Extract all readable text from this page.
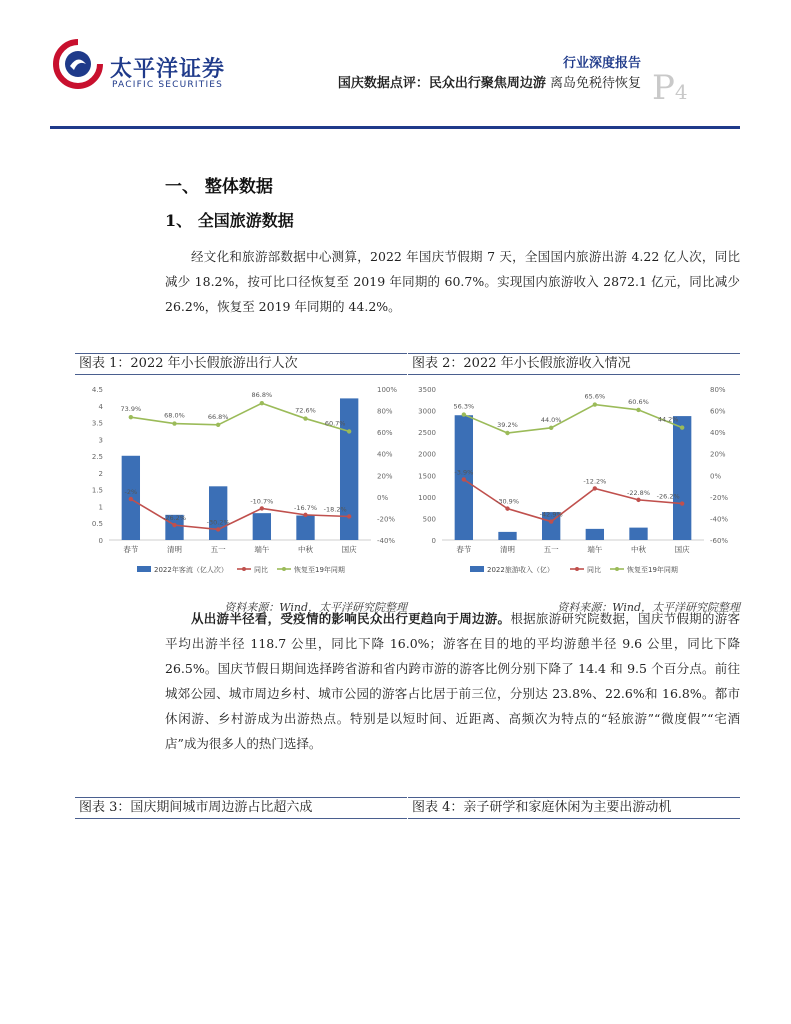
太平洋证券
PACIFIC SECURITIES
行业深度报告
国庆数据点评：民众出行聚焦周边游 离岛免税待恢复 P4
一、 整体数据
1、 全国旅游数据
经文化和旅游部数据中心测算，2022 年国庆节假期 7 天，全国国内旅游出游 4.22 亿人次，同比减少 18.2%，按可比口径恢复至 2019 年同期的 60.7%。实现国内旅游收入 2872.1 亿元，同比减少 26.2%，恢复至 2019 年同期的 44.2%。
图表 1：2022 年小长假旅游出行人次
0
0.5
1
1.5
2
2.5
3
3.5
4
4.5
-40%
-20%
0%
20%
40%
60%
80%
100%
春节	清明	五一	端午	中秋	国庆
-2%
-26.2%
-30.2%
-10.7%
-16.7% -18.2%
73.9%
68.0%	66.8%
86.8%
72.6%
60.7%
2022年客流（亿人次）	同比	恢复至19年同期
资料来源：Wind，太平洋研究院整理
图表 2：2022 年小长假旅游收入情况
0
500
1000
1500
2000
2500
3000
3500
-60%
-40%
-20%
0%
20%
40%
60%
80%
春节	清明	五一	端午	中秋	国庆
-3.9%
-30.9%
-42.9%
-12.2%
-22.8% -26.2%
56.3%
39.2%
44.0%
65.6%
60.6%
44.2%
2022旅游收入（亿）	同比	恢复至19年同期
资料来源：Wind，太平洋研究院整理
从出游半径看，受疫情的影响民众出行更趋向于周边游。根据旅游研究院数据，国庆节假期的游客平均出游半径 118.7 公里，同比下降 16.0%；游客在目的地的平均游憩半径 9.6 公里，同比下降 26.5%。国庆节假日期间选择跨省游和省内跨市游的游客比例分别下降了 14.4 和 9.5 个百分点。前往城郊公园、城市周边乡村、城市公园的游客占比居于前三位，分别达 23.8%、22.6%和 16.8%。都市休闲游、乡村游成为出游热点。特别是以短时间、近距离、高频次为特点的“轻旅游”“微度假”“宅酒店”成为很多人的热门选择。
图表 3：国庆期间城市周边游占比超六成	图表 4：亲子研学和家庭休闲为主要出游动机
